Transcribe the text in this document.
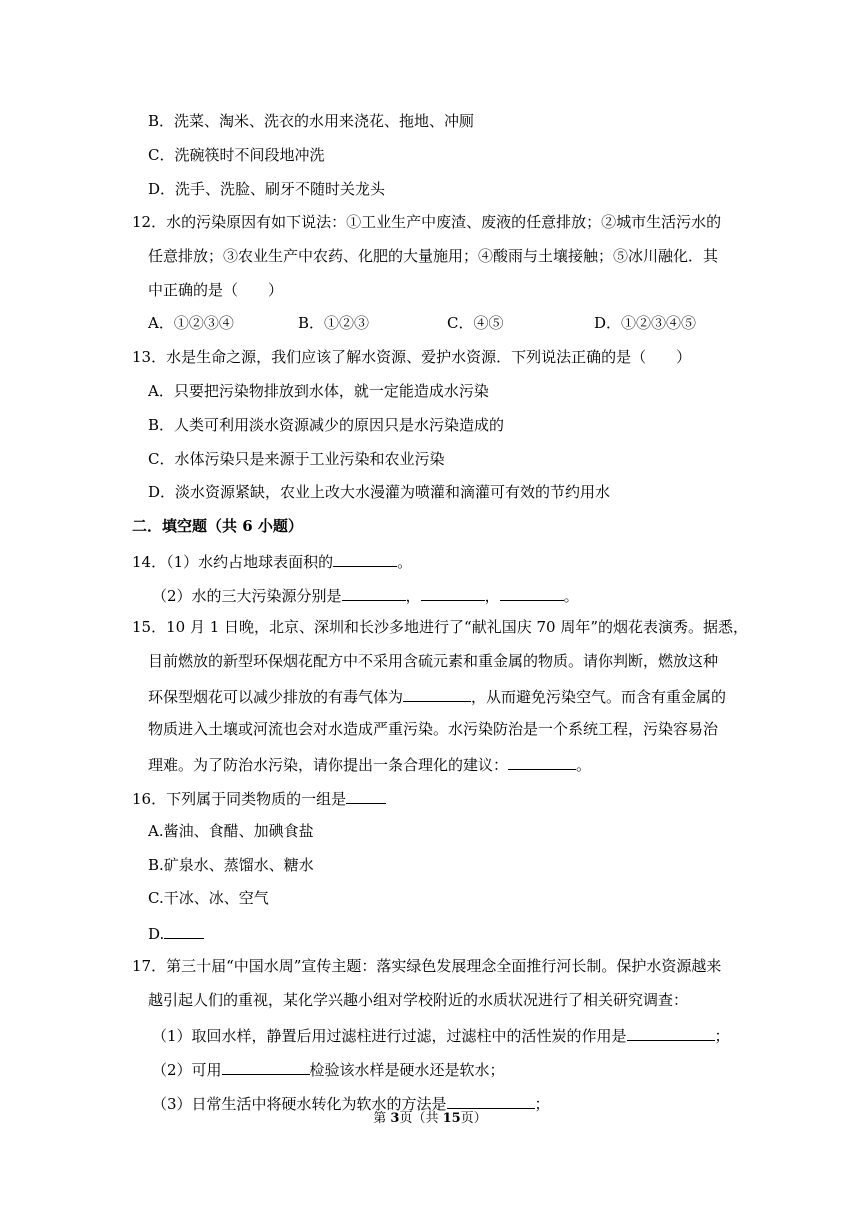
B．洗菜、淘米、洗衣的水用来浇花、拖地、冲厕
C．洗碗筷时不间段地冲洗
D．洗手、洗脸、刷牙不随时关龙头
12．水的污染原因有如下说法：①工业生产中废渣、废液的任意排放；②城市生活污水的
任意排放；③农业生产中农药、化肥的大量施用；④酸雨与土壤接触；⑤冰川融化．其
中正确的是（　　）
A．①②③④	B．①②③	C．④⑤	D．①②③④⑤
13．水是生命之源，我们应该了解水资源、爱护水资源．下列说法正确的是（　　）
A．只要把污染物排放到水体，就一定能造成水污染
B．人类可利用淡水资源减少的原因只是水污染造成的
C．水体污染只是来源于工业污染和农业污染
D．淡水资源紧缺，农业上改大水漫灌为喷灌和滴灌可有效的节约用水
二．填空题（共 6 小题）
14．（1）水约占地球表面积的	。
（2）水的三大污染源分别是	，	，	。
15．10 月 1 日晚，北京、深圳和长沙多地进行了“献礼国庆 70 周年”的烟花表演秀。据悉，
目前燃放的新型环保烟花配方中不采用含硫元素和重金属的物质。请你判断，燃放这种
环保型烟花可以减少排放的有毒气体为	，从而避免污染空气。而含有重金属的
物质进入土壤或河流也会对水造成严重污染。水污染防治是一个系统工程，污染容易治
理难。为了防治水污染，请你提出一条合理化的建议：	。
16．下列属于同类物质的一组是
A.酱油、食醋、加碘食盐
B.矿泉水、蒸馏水、糖水
C.干冰、冰、空气
D.
17．第三十届“中国水周”宣传主题：落实绿色发展理念全面推行河长制。保护水资源越来
越引起人们的重视，某化学兴趣小组对学校附近的水质状况进行了相关研究调查：
（1）取回水样，静置后用过滤柱进行过滤，过滤柱中的活性炭的作用是	；
（2）可用	检验该水样是硬水还是软水；
（3）日常生活中将硬水转化为软水的方法是	；
第 3页（共 15页）
